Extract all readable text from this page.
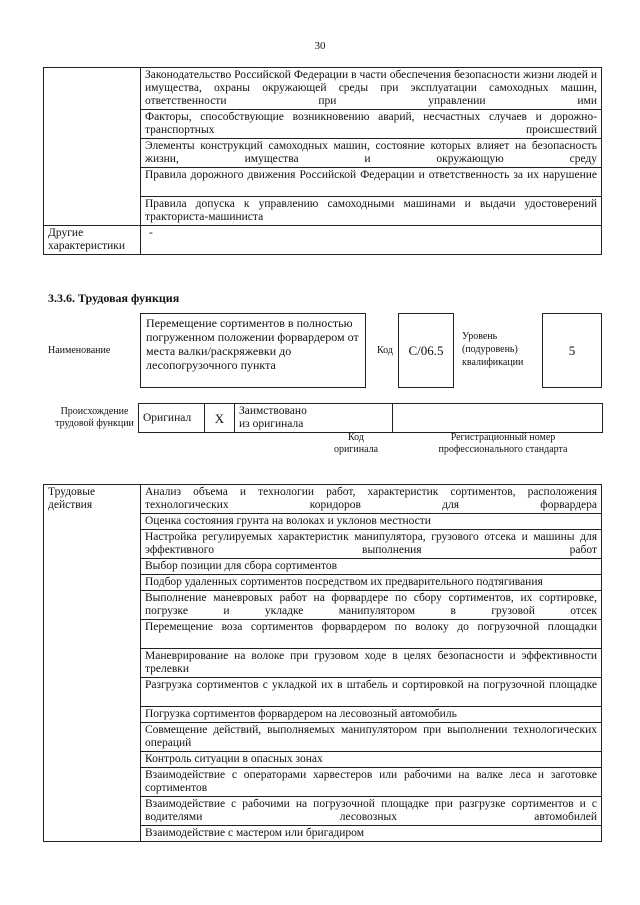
30
	Законодательство Российской Федерации в части обеспечения безопасности жизни людей и имущества, охраны окружающей среды при эксплуатации самоходных машин, ответственности при управлении ими
	Факторы, способствующие возникновению аварий, несчастных случаев и дорожно-транспортных происшествий
	Элементы конструкций самоходных машин, состояние которых влияет на безопасность жизни, имущества и окружающую среду
	Правила дорожного движения Российской Федерации и ответственность за их нарушение
	Правила допуска к управлению самоходными машинами и выдачи удостоверений тракториста-машиниста
Другие характеристики	-
3.3.6. Трудовая функция
Наименование
Перемещение сортиментов в полностью погруженном положении форвардером от места валки/раскряжевки до лесопогрузочного пункта
Код	C/06.5
Уровень (подуровень) квалификации
5
Происхождение трудовой функции Оригинал	X	Заимствовано из оригинала

Код оригинала
Регистрационный номер профессионального стандарта
Трудовые действия	Анализ объема и технологии работ, характеристик сортиментов, расположения технологических коридоров для форвардера
Оценка состояния грунта на волоках и уклонов местности
Настройка регулируемых характеристик манипулятора, грузового отсека и машины для эффективного выполнения работ
Выбор позиции для сбора сортиментов
Подбор удаленных сортиментов посредством их предварительного подтягивания
Выполнение маневровых работ на форвардере по сбору сортиментов, их сортировке, погрузке и укладке манипулятором в грузовой отсек
Перемещение воза сортиментов форвардером по волоку до погрузочной площадки
Маневрирование на волоке при грузовом ходе в целях безопасности и эффективности трелевки
Разгрузка сортиментов с укладкой их в штабель и сортировкой на погрузочной площадке
Погрузка сортиментов форвардером на лесовозный автомобиль
Совмещение действий, выполняемых манипулятором при выполнении технологических операций
Контроль ситуации в опасных зонах
Взаимодействие с операторами харвестеров или рабочими на валке леса и заготовке сортиментов
Взаимодействие с рабочими на погрузочной площадке при разгрузке сортиментов и с водителями лесовозных автомобилей
Взаимодействие с мастером или бригадиром
